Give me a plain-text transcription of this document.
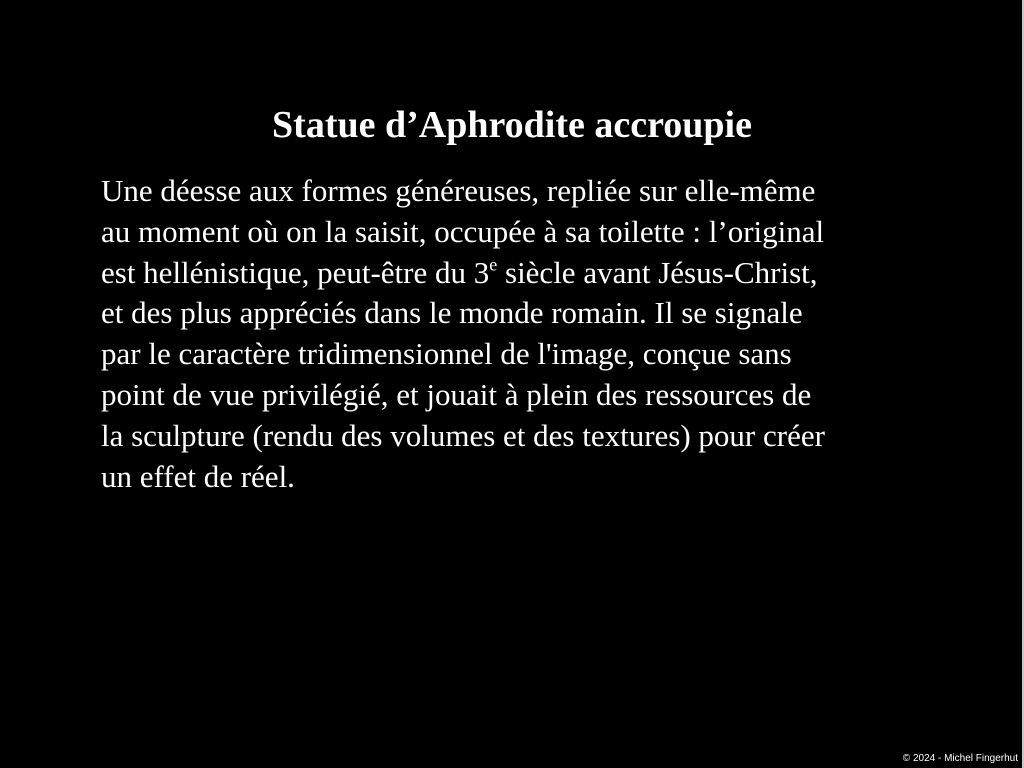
Statue d’Aphrodite accroupie

Une déesse aux formes généreuses, repliée sur elle-même
au moment où on la saisit, occupée à sa toilette : l’original
est hellénistique, peut-être du 3e siècle avant Jésus-Christ,
et des plus appréciés dans le monde romain. Il se signale
par le caractère tridimensionnel de l'image, conçue sans
point de vue privilégié, et jouait à plein des ressources de
la sculpture (rendu des volumes et des textures) pour créer
un effet de réel.

© 2024 - Michel Fingerhut
